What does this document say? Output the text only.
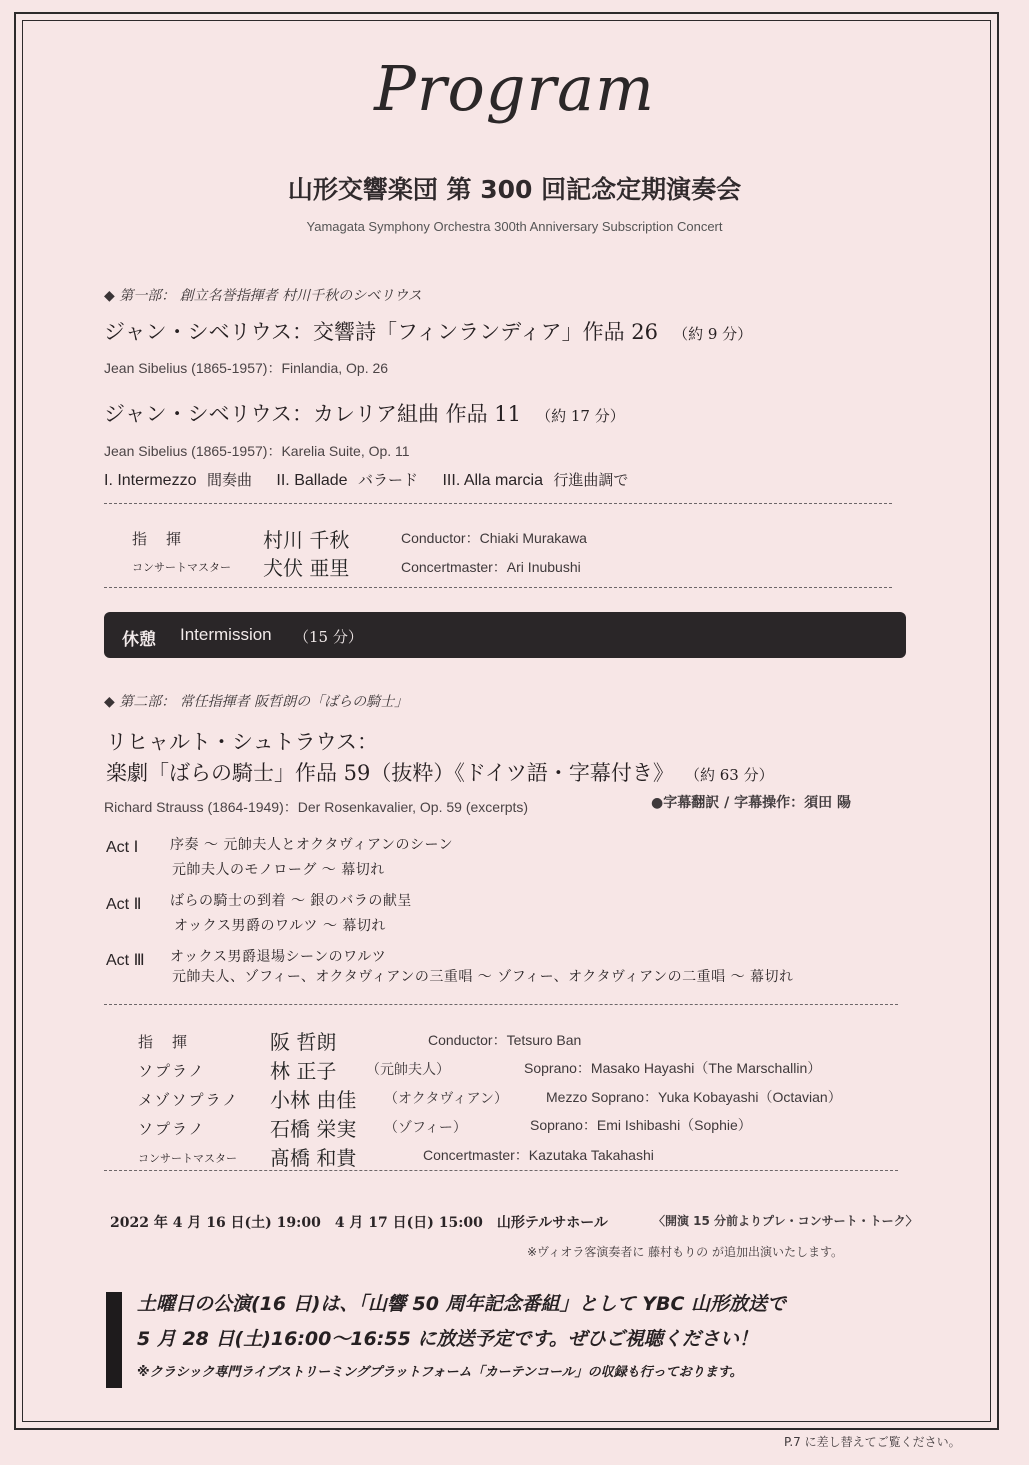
Program
山形交響楽団 第 300 回記念定期演奏会
Yamagata Symphony Orchestra 300th Anniversary Subscription Concert
◆ 第一部： 創立名誉指揮者 村川千秋のシベリウス
ジャン・シベリウス：交響詩「フィンランディア」作品 26 （約 9 分）
Jean Sibelius (1865-1957)：Finlandia, Op. 26
ジャン・シベリウス：カレリア組曲 作品 11 （約 17 分）
Jean Sibelius (1865-1957)：Karelia Suite, Op. 11
I. Intermezzo 間奏曲 II. Ballade バラード III. Alla marcia 行進曲調で
指　揮	村川 千秋	Conductor：Chiaki Murakawa
コンサートマスター 犬伏 亜里	Concertmaster：Ari Inubushi
休憩 Intermission （15 分）
◆ 第二部： 常任指揮者 阪哲朗の「ばらの騎士」
リヒャルト・シュトラウス：
楽劇「ばらの騎士」作品 59（抜粋）《ドイツ語・字幕付き》 （約 63 分）
Richard Strauss (1864-1949)：Der Rosenkavalier, Op. 59 (excerpts)	●字幕翻訳 / 字幕操作：須田 陽
Act Ⅰ 序奏 〜 元帥夫人とオクタヴィアンのシーン
元帥夫人のモノローグ 〜 幕切れ
Act Ⅱ ばらの騎士の到着 〜 銀のバラの献呈
オックス男爵のワルツ 〜 幕切れ
Act Ⅲ オックス男爵退場シーンのワルツ
元帥夫人、ゾフィー、オクタヴィアンの三重唱 〜 ゾフィー、オクタヴィアンの二重唱 〜 幕切れ
指　揮	阪 哲朗	Conductor：Tetsuro Ban
ソプラノ	林 正子 （元帥夫人）	Soprano：Masako Hayashi（The Marschallin）
メゾソプラノ 小林 由佳 （オクタヴィアン）	Mezzo Soprano：Yuka Kobayashi（Octavian）
ソプラノ	石橋 栄実 （ゾフィー）	Soprano：Emi Ishibashi（Sophie）
コンサートマスター 髙橋 和貴	Concertmaster：Kazutaka Takahashi
2022 年 4 月 16 日(土) 19:00　4 月 17 日(日) 15:00　山形テルサホール	〈開演 15 分前よりプレ・コンサート・トーク〉
※ヴィオラ客演奏者に 藤村もりの が追加出演いたします。
土曜日の公演(16 日)は、「山響 50 周年記念番組」として YBC 山形放送で
5 月 28 日(土)16:00〜16:55 に放送予定です。ぜひご視聴ください！
※クラシック専門ライブストリーミングプラットフォーム「カーテンコール」の収録も行っております。
P.7 に差し替えてご覧ください。
